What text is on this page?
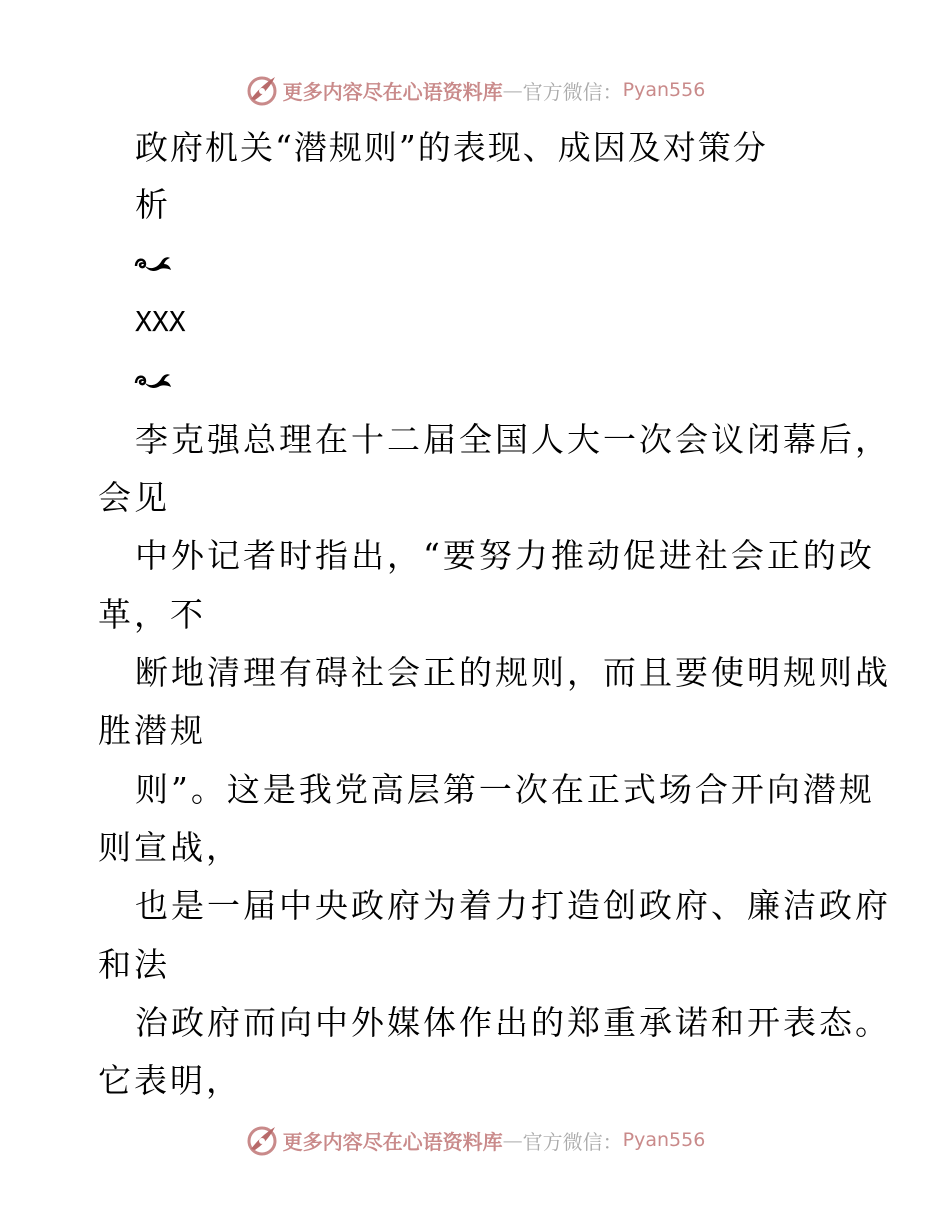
更多内容尽在心语资料库 — 官方微信： Pyan556
政府机关“潜规则”的表现、成因及对策分
析
XXX
李克强总理在十二届全国人大一次会议闭幕后，
会见
中外记者时指出，“要努力推动促进社会正的改
革，不
断地清理有碍社会正的规则，而且要使明规则战
胜潜规
则”。这是我党高层第一次在正式场合开向潜规
则宣战，
也是一届中央政府为着力打造创政府、廉洁政府
和法
治政府而向中外媒体作出的郑重承诺和开表态。
它表明，
更多内容尽在心语资料库 — 官方微信： Pyan556
